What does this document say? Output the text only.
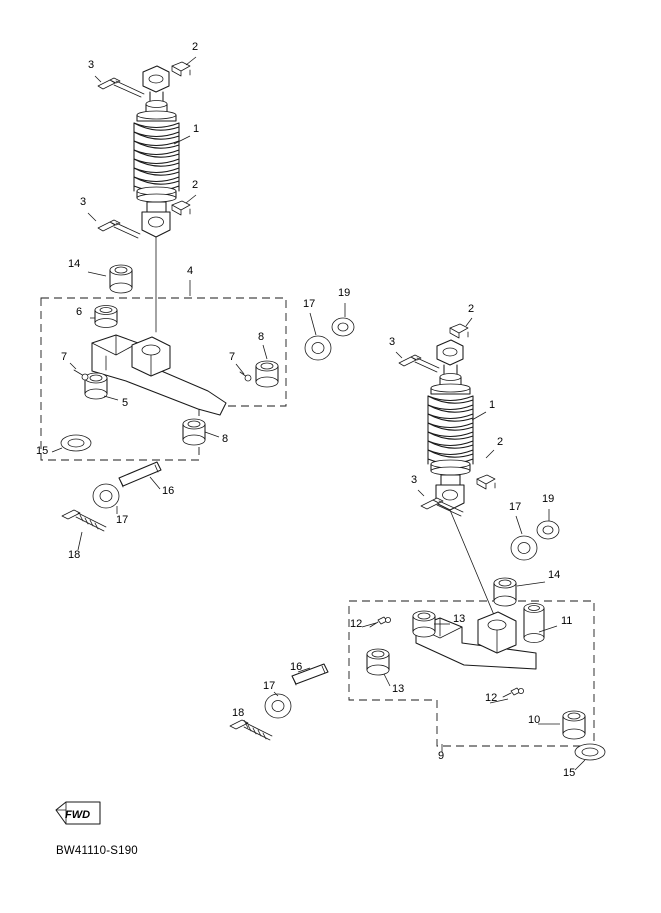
2
3
1
2
3
14
4
6
17
19
2
8
7
3
7
5	1
8
15
2
16
3
17
17
19
18
14
13	11
12
16
13
12
17
10
18
9
15
FWD
BW41110-S190
